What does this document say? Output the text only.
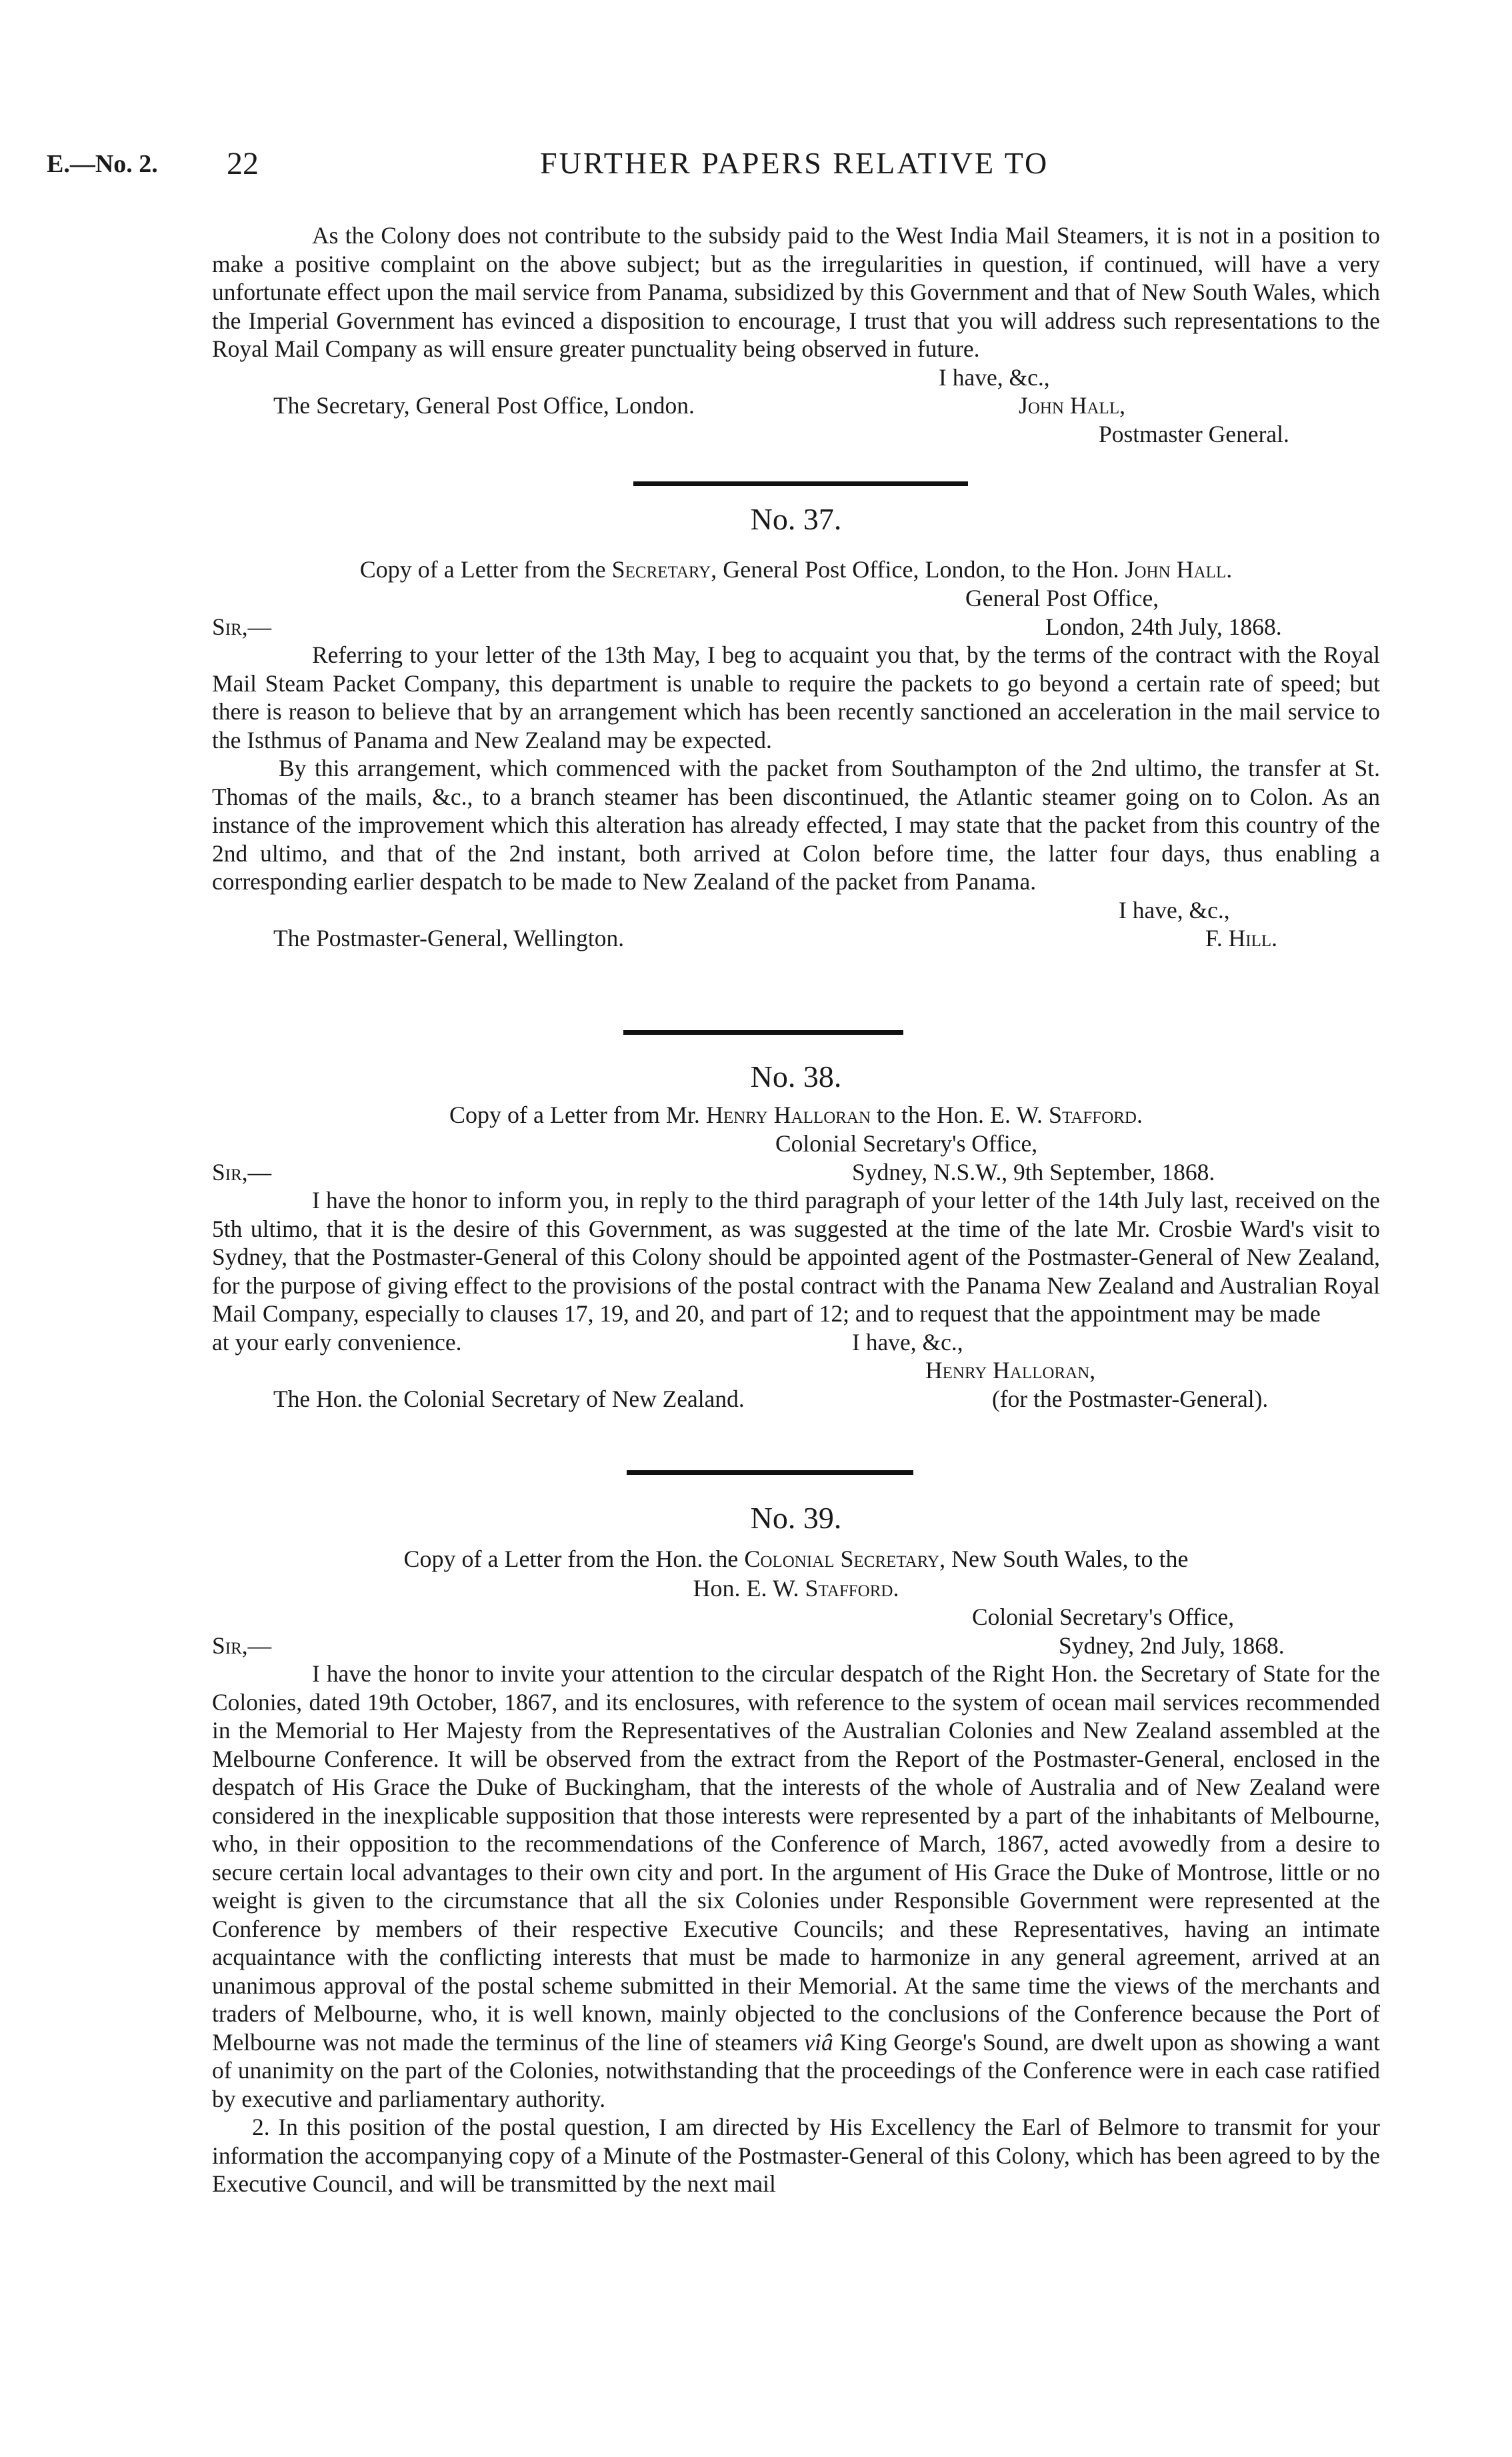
E.—No. 2. 22	FURTHER PAPERS RELATIVE TO

As the Colony does not contribute to the subsidy paid to the West India Mail Steamers, it is not in a position to make a positive complaint on the above subject; but as the irregularities in question, if continued, will have a very unfortunate effect upon the mail service from Panama, subsidized by this Government and that of New South Wales, which the Imperial Government has evinced a disposition to encourage, I trust that you will address such representations to the Royal Mail Company as will ensure greater punctuality being observed in future.

I have, &c.,
The Secretary, General Post Office, London.	John Hall,
Postmaster General.
No. 37.

Copy of a Letter from the Secretary, General Post Office, London, to the Hon. John Hall.

General Post Office,
Sir,—	London, 24th July, 1868.

Referring to your letter of the 13th May, I beg to acquaint you that, by the terms of the contract with the Royal Mail Steam Packet Company, this department is unable to require the packets to go beyond a certain rate of speed; but there is reason to believe that by an arrangement which has been recently sanctioned an acceleration in the mail service to the Isthmus of Panama and New Zealand may be expected.

By this arrangement, which commenced with the packet from Southampton of the 2nd ultimo, the transfer at St. Thomas of the mails, &c., to a branch steamer has been discontinued, the Atlantic steamer going on to Colon. As an instance of the improvement which this alteration has already effected, I may state that the packet from this country of the 2nd ultimo, and that of the 2nd instant, both arrived at Colon before time, the latter four days, thus enabling a corresponding earlier despatch to be made to New Zealand of the packet from Panama.

I have, &c.,
The Postmaster-General, Wellington.	F. Hill.
No. 38.

Copy of a Letter from Mr. Henry Halloran to the Hon. E. W. Stafford.

Colonial Secretary's Office,
Sir,—	Sydney, N.S.W., 9th September, 1868.

I have the honor to inform you, in reply to the third paragraph of your letter of the 14th July last, received on the 5th ultimo, that it is the desire of this Government, as was suggested at the time of the late Mr. Crosbie Ward's visit to Sydney, that the Postmaster-General of this Colony should be appointed agent of the Postmaster-General of New Zealand, for the purpose of giving effect to the provisions of the postal contract with the Panama New Zealand and Australian Royal Mail Company, especially to clauses 17, 19, and 20, and part of 12; and to request that the appointment may be made

at your early convenience.	I have, &c.,
Henry Halloran,
The Hon. the Colonial Secretary of New Zealand.	(for the Postmaster-General).
No. 39.

Copy of a Letter from the Hon. the Colonial Secretary, New South Wales, to the

Hon. E. W. Stafford.

Colonial Secretary's Office,
Sir,—	Sydney, 2nd July, 1868.

I have the honor to invite your attention to the circular despatch of the Right Hon. the Secretary of State for the Colonies, dated 19th October, 1867, and its enclosures, with reference to the system of ocean mail services recommended in the Memorial to Her Majesty from the Representatives of the Australian Colonies and New Zealand assembled at the Melbourne Conference. It will be observed from the extract from the Report of the Postmaster-General, enclosed in the despatch of His Grace the Duke of Buckingham, that the interests of the whole of Australia and of New Zealand were considered in the inexplicable supposition that those interests were represented by a part of the inhabitants of Melbourne, who, in their opposition to the recommendations of the Conference of March, 1867, acted avowedly from a desire to secure certain local advantages to their own city and port. In the argument of His Grace the Duke of Montrose, little or no weight is given to the circumstance that all the six Colonies under Responsible Government were represented at the Conference by members of their respective Executive Councils; and these Representatives, having an intimate acquaintance with the conflicting interests that must be made to harmonize in any general agreement, arrived at an unanimous approval of the postal scheme submitted in their Memorial. At the same time the views of the merchants and traders of Melbourne, who, it is well known, mainly objected to the conclusions of the Conference because the Port of Melbourne was not made the terminus of the line of steamers viâ King George's Sound, are dwelt upon as showing a want of unanimity on the part of the Colonies, notwithstanding that the proceedings of the Conference were in each case ratified by executive and parliamentary authority.

2. In this position of the postal question, I am directed by His Excellency the Earl of Belmore to transmit for your information the accompanying copy of a Minute of the Postmaster-General of this Colony, which has been agreed to by the Executive Council, and will be transmitted by the next mail
